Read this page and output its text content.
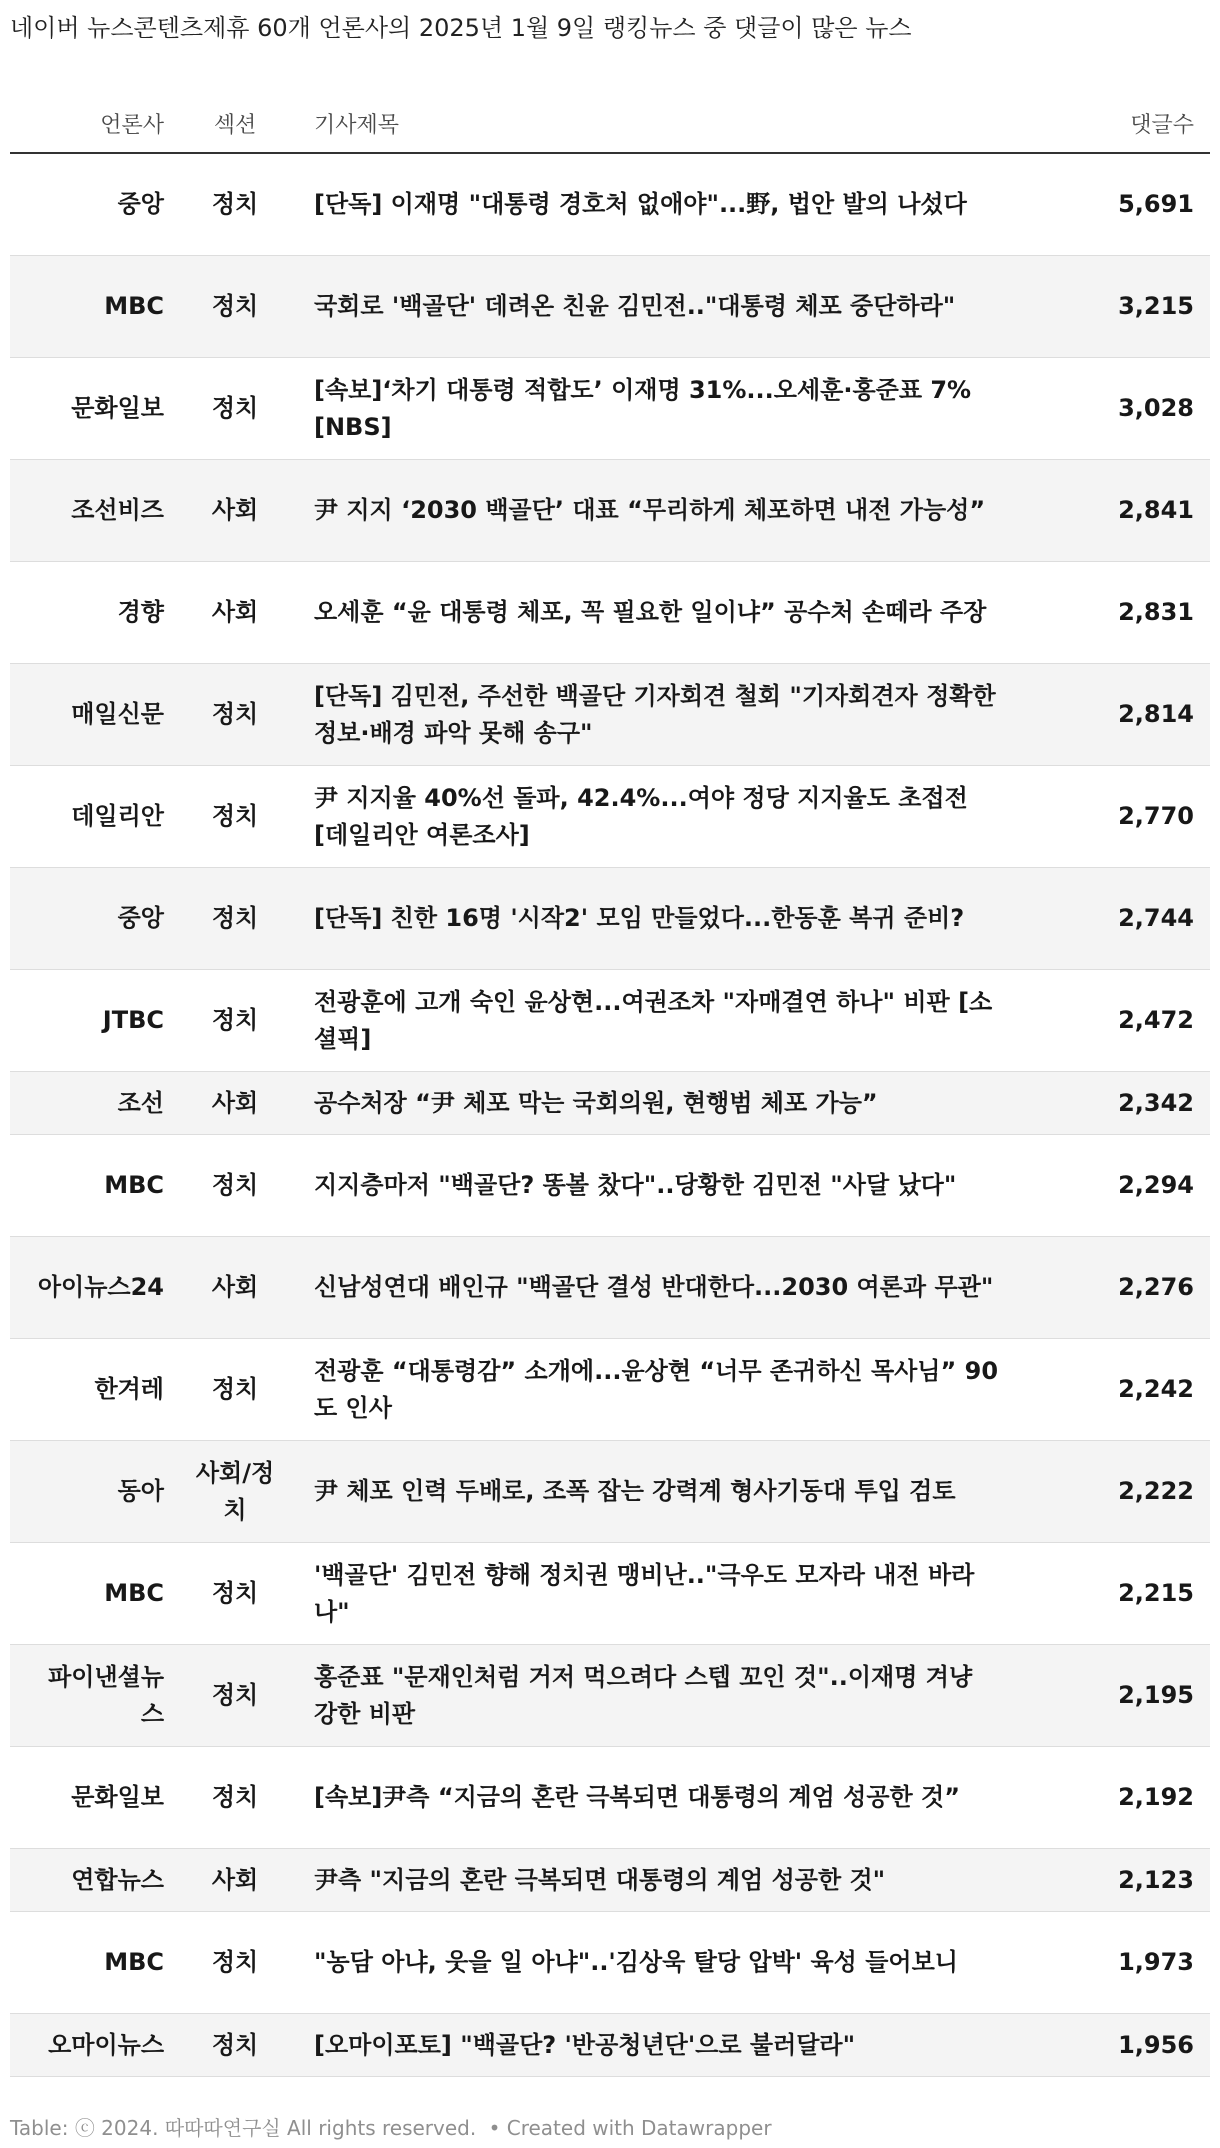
네이버 뉴스콘텐츠제휴 60개 언론사의 2025년 1월 9일 랭킹뉴스 중 댓글이 많은 뉴스
언론사	섹션	기사제목	댓글수
중앙	정치	[단독] 이재명 "대통령 경호처 없애야"...野, 법안 발의 나섰다	5,691
MBC	정치	국회로 '백골단' 데려온 친윤 김민전.."대통령 체포 중단하라"	3,215
문화일보	정치	[속보]‘차기 대통령 적합도’ 이재명 31%...오세훈·홍준표 7%[NBS]	3,028
조선비즈	사회	尹 지지 ‘2030 백골단’ 대표 “무리하게 체포하면 내전 가능성”	2,841
경향	사회	오세훈 “윤 대통령 체포, 꼭 필요한 일이냐” 공수처 손떼라 주장	2,831
매일신문	정치	[단독] 김민전, 주선한 백골단 기자회견 철회 "기자회견자 정확한 정보·배경 파악 못해 송구"	2,814
데일리안	정치	尹 지지율 40%선 돌파, 42.4%...여야 정당 지지율도 초접전 [데일리안 여론조사]	2,770
중앙	정치	[단독] 친한 16명 '시작2' 모임 만들었다...한동훈 복귀 준비?	2,744
JTBC	정치	전광훈에 고개 숙인 윤상현...여권조차 "자매결연 하나" 비판 [소셜픽]	2,472
조선	사회	공수처장 “尹 체포 막는 국회의원, 현행범 체포 가능”	2,342
MBC	정치	지지층마저 "백골단? 똥볼 찼다"..당황한 김민전 "사달 났다"	2,294
아이뉴스24	사회	신남성연대 배인규 "백골단 결성 반대한다...2030 여론과 무관"	2,276
한겨레	정치	전광훈 “대통령감” 소개에...윤상현 “너무 존귀하신 목사님” 90도 인사	2,242
동아	사회/정치	尹 체포 인력 두배로, 조폭 잡는 강력계 형사기동대 투입 검토	2,222
MBC	정치	'백골단' 김민전 향해 정치권 맹비난.."극우도 모자라 내전 바라나"	2,215
파이낸셜뉴스	정치	홍준표 "문재인처럼 거저 먹으려다 스텝 꼬인 것"..이재명 겨냥 강한 비판	2,195
문화일보	정치	[속보]尹측 “지금의 혼란 극복되면 대통령의 계엄 성공한 것”	2,192
연합뉴스	사회	尹측 "지금의 혼란 극복되면 대통령의 계엄 성공한 것"	2,123
MBC	정치	"농담 아냐, 웃을 일 아냐"..'김상욱 탈당 압박' 육성 들어보니	1,973
오마이뉴스	정치	[오마이포토] "백골단? '반공청년단'으로 불러달라"	1,956
Table: ⓒ 2024. 따따따연구실 All rights reserved. • Created with Datawrapper
